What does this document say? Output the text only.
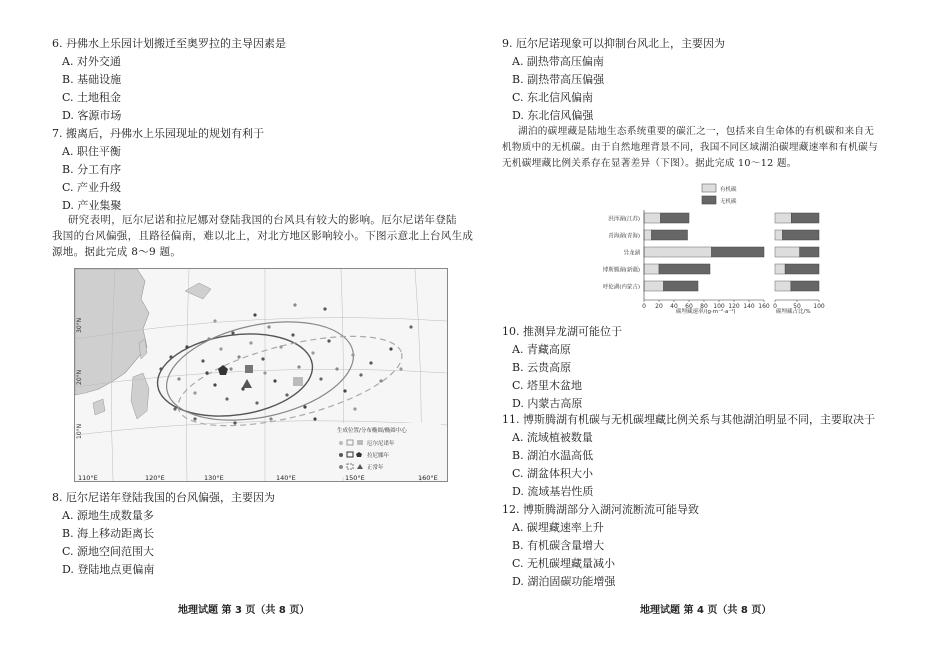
6. 丹佛水上乐园计划搬迁至奥罗拉的主导因素是
A. 对外交通
B. 基础设施
C. 土地租金
D. 客源市场
7. 搬离后，丹佛水上乐园现址的规划有利于
A. 职住平衡
B. 分工有序
C. 产业升级
D. 产业集聚
研究表明，厄尔尼诺和拉尼娜对登陆我国的台风具有较大的影响。厄尔尼诺年登陆
我国的台风偏强，且路径偏南，难以北上，对北方地区影响较小。下图示意北上台风生成
源地。据此完成 8～9 题。
30°N
20°N
10°N	生成位置/分布椭圆/椭圆中心
厄尔尼诺年
拉尼娜年
正常年
110°E	120°E	130°E	140°E	150°E	160°E
8. 厄尔尼诺年登陆我国的台风偏强，主要因为
A. 源地生成数量多
B. 海上移动距离长
C. 源地空间范围大
D. 登陆地点更偏南
地理试题 第 3 页（共 8 页）
9. 厄尔尼诺现象可以抑制台风北上，主要因为
A. 副热带高压偏南
B. 副热带高压偏强
C. 东北信风偏南
D. 东北信风偏强
湖泊的碳埋藏是陆地生态系统重要的碳汇之一，包括来自生命体的有机碳和来自无
机物质中的无机碳。由于自然地理背景不同，我国不同区域湖泊碳埋藏速率和有机碳与
无机碳埋藏比例关系存在显著差异（下图）。据此完成 10～12 题。
有机碳
无机碳
洪泽湖(江苏)
青海湖(青海)
异龙湖
博斯腾湖(新疆)
呼伦湖(内蒙古)
0 20 40 60 80 100 120 140 160 0	50 100
碳埋藏速率/(g·m⁻²·a⁻¹)	碳埋藏占比/%
10. 推测异龙湖可能位于
A. 青藏高原
B. 云贵高原
C. 塔里木盆地
D. 内蒙古高原
11. 博斯腾湖有机碳与无机碳埋藏比例关系与其他湖泊明显不同，主要取决于
A. 流域植被数量
B. 湖泊水温高低
C. 湖盆体积大小
D. 流域基岩性质
12. 博斯腾湖部分入湖河流断流可能导致
A. 碳埋藏速率上升
B. 有机碳含量增大
C. 无机碳埋藏量减小
D. 湖泊固碳功能增强
地理试题 第 4 页（共 8 页）
